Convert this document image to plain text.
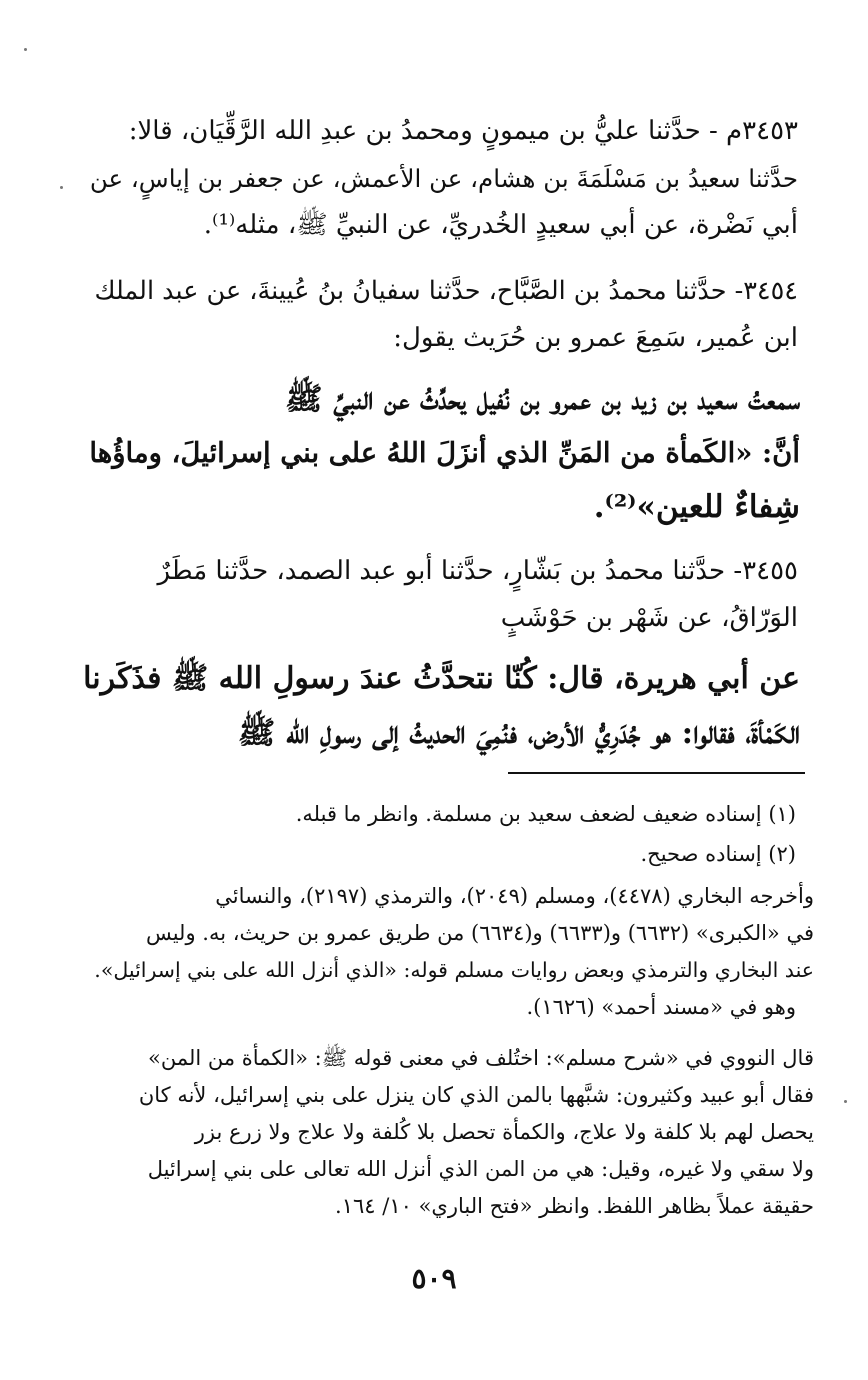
٣٤٥٣م - حدَّثنا عليُّ بن ميمونٍ ومحمدُ بن عبدِ الله الرَّقِّيَان، قالا:
حدَّثنا سعيدُ بن مَسْلَمَةَ بن هشام، عن الأعمش، عن جعفر بن إياسٍ، عن
أبي نَضْرة، عن أبي سعيدٍ الخُدريِّ، عن النبيِّ ﷺ، مثله⁽¹⁾.
٣٤٥٤- حدَّثنا محمدُ بن الصَّبَّاح، حدَّثنا سفيانُ بنُ عُيينةَ، عن عبد الملك
ابن عُمير، سَمِعَ عمرو بن حُرَيث يقول:
سمعتُ سعيد بن زيد بن عمرو بن نُفيل يحدِّثُ عن النبيِّ ﷺ
أنَّ: «الكَمأة من المَنِّ الذي أنزَلَ اللهُ على بني إسرائيلَ، وماؤُها
شِفاءٌ للعين»⁽²⁾.
٣٤٥٥- حدَّثنا محمدُ بن بَشّارٍ، حدَّثنا أبو عبد الصمد، حدَّثنا مَطَرٌ
الوَرّاقُ، عن شَهْر بن حَوْشَبٍ
عن أبي هريرة، قال: كُنّا نتحدَّثُ عندَ رسولِ الله ﷺ فذَكَرنا
الكَمْأةَ، فقالوا: هو جُدَرِيُّ الأرض، فنُمِيَ الحديثُ إلى رسولِ الله ﷺ
(١) إسناده ضعيف لضعف سعيد بن مسلمة. وانظر ما قبله.
(٢) إسناده صحيح.
وأخرجه البخاري (٤٤٧٨)، ومسلم (٢٠٤٩)، والترمذي (٢١٩٧)، والنسائي
في «الكبرى» (٦٦٣٢) و(٦٦٣٣) و(٦٦٣٤) من طريق عمرو بن حريث، به. وليس
عند البخاري والترمذي وبعض روايات مسلم قوله: «الذي أنزل الله على بني إسرائيل».
وهو في «مسند أحمد» (١٦٢٦).
قال النووي في «شرح مسلم»: اختُلف في معنى قوله ﷺ: «الكمأة من المن»
فقال أبو عبيد وكثيرون: شبَّهها بالمن الذي كان ينزل على بني إسرائيل، لأنه كان
يحصل لهم بلا كلفة ولا علاج، والكمأة تحصل بلا كُلفة ولا علاج ولا زرع بزر
ولا سقي ولا غيره، وقيل: هي من المن الذي أنزل الله تعالى على بني إسرائيل
حقيقة عملاً بظاهر اللفظ. وانظر «فتح الباري» ١٠/ ١٦٤.
٥٠٩
